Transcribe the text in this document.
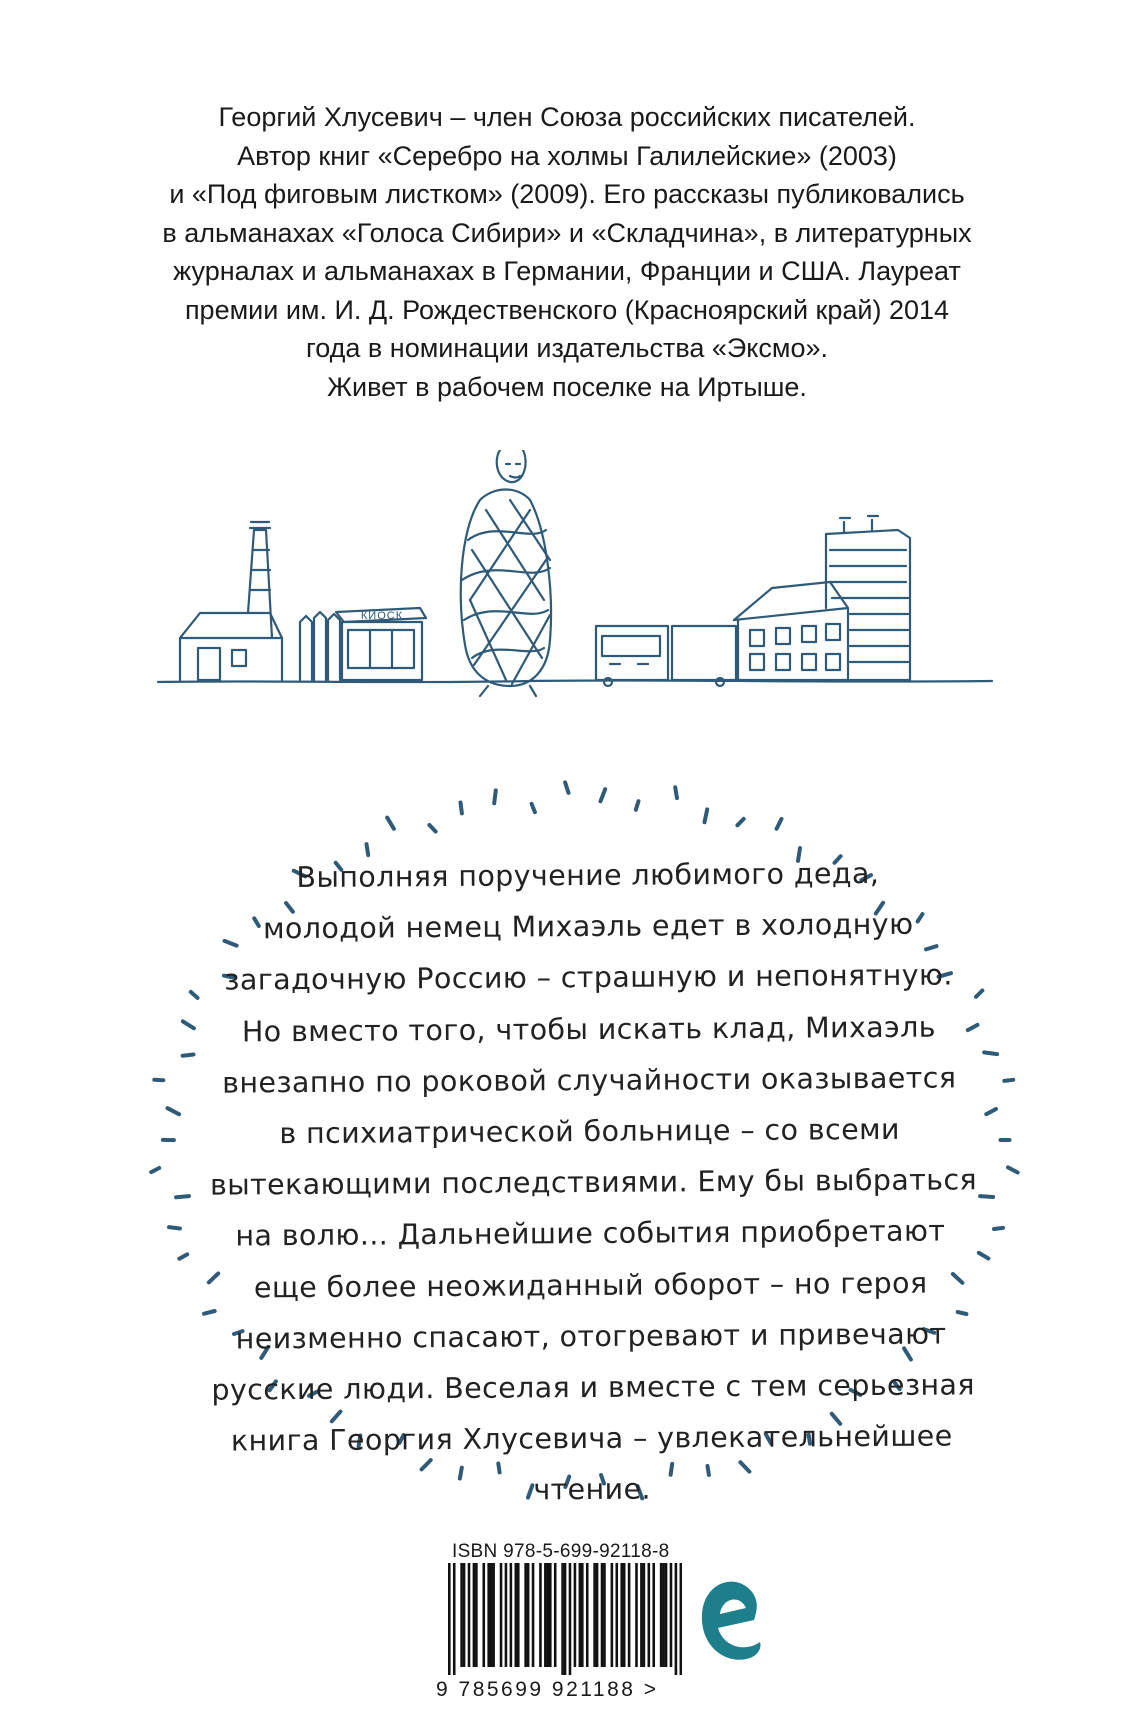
Георгий Хлусевич – член Союза российских писателей.
Автор книг «Серебро на холмы Галилейские» (2003)
и «Под фиговым листком» (2009). Его рассказы публиковались
в альманахах «Голоса Сибири» и «Складчина», в литературных
журналах и альманахах в Германии, Франции и США. Лауреат
премии им. И. Д. Рождественского (Красноярский край) 2014
года в номинации издательства «Эксмо».
Живет в рабочем поселке на Иртыше.
КИОСК
Выполняя поручение любимого деда,
молодой немец Михаэль едет в холодную
загадочную Россию – страшную и непонятную.
Но вместо того, чтобы искать клад, Михаэль
внезапно по роковой случайности оказывается
в психиатрической больнице – со всеми
вытекающими последствиями. Ему бы выбраться
на волю... Дальнейшие события приобретают
еще более неожиданный оборот – но героя
неизменно спасают, отогревают и привечают
русские люди. Веселая и вместе с тем серьезная
книга Георгия Хлусевича – увлекательнейшее
чтение.
ISBN 978-5-699-92118-8
9 785699 921188 >
